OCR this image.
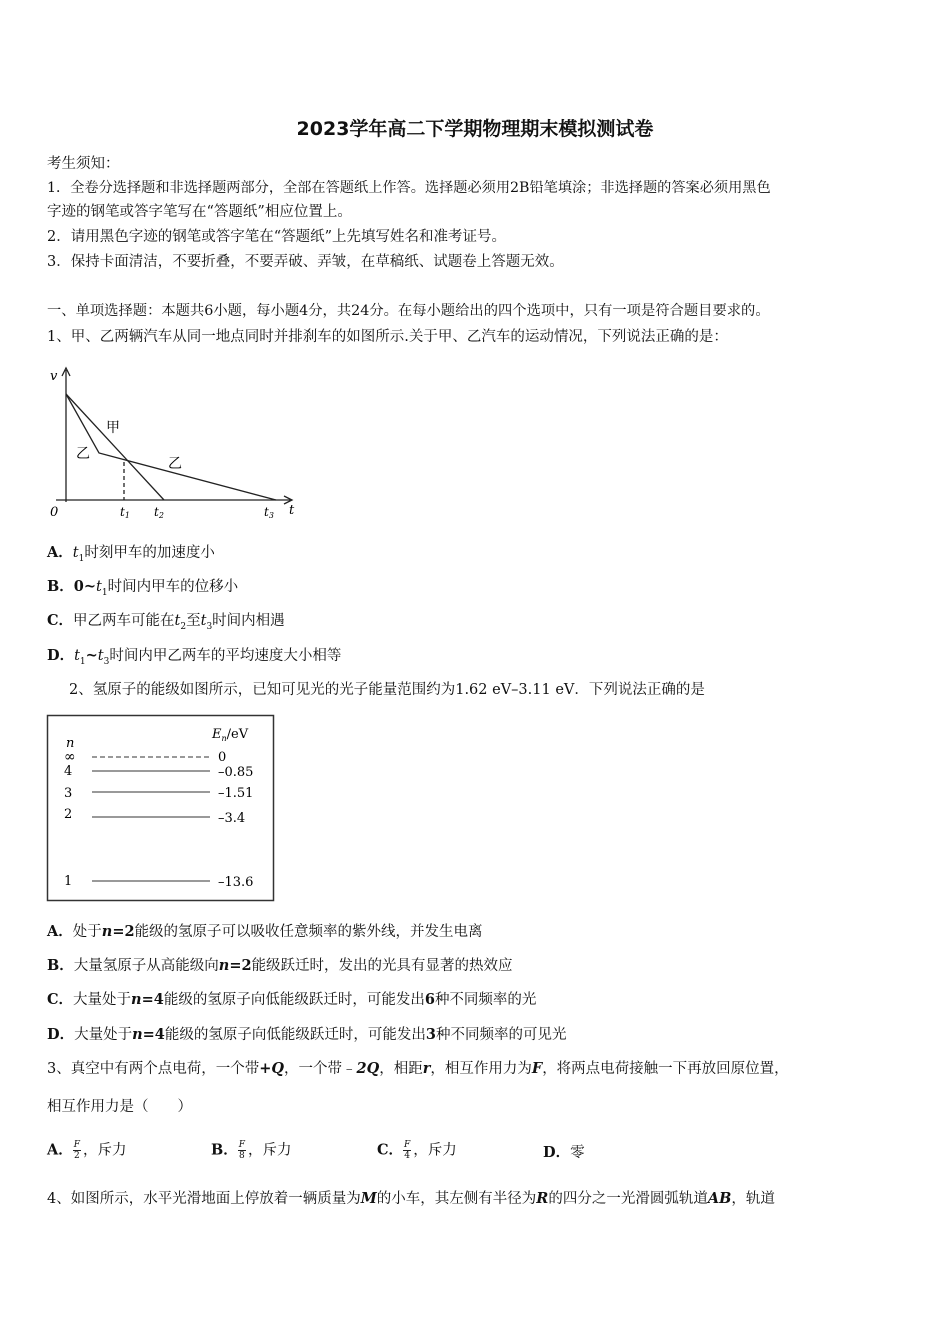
2023学年高二下学期物理期末模拟测试卷
考生须知：
1．全卷分选择题和非选择题两部分，全部在答题纸上作答。选择题必须用2B铅笔填涂；非选择题的答案必须用黑色
字迹的钢笔或答字笔写在“答题纸”相应位置上。
2．请用黑色字迹的钢笔或答字笔在“答题纸”上先填写姓名和准考证号。
3．保持卡面清洁，不要折叠，不要弄破、弄皱，在草稿纸、试题卷上答题无效。
一、单项选择题：本题共6小题，每小题4分，共24分。在每小题给出的四个选项中，只有一项是符合题目要求的。
1、甲、乙两辆汽车从同一地点同时并排刹车的如图所示.关于甲、乙汽车的运动情况，下列说法正确的是：
v
t
0	t1 t2	t3
甲
乙
乙
A．$t_1$时刻甲车的加速度小
B．$0\sim t_1$时间内甲车的位移小
C．甲乙两车可能在$t_2$至$t_3$时间内相遇
D．$t_1\sim t_3$时间内甲乙两车的平均速度大小相等
2、氢原子的能级如图所示，已知可见光的光子能量范围约为1.62 eV–3.11 eV．下列说法正确的是
n
$E_n/eV$
∞	0
4	–0.85
3	–1.51
2	–3.4
1	–13.6
A．处于n=2能级的氢原子可以吸收任意频率的紫外线，并发生电离
B．大量氢原子从高能级向n=2能级跃迁时，发出的光具有显著的热效应
C．大量处于n=4能级的氢原子向低能级跃迁时，可能发出6种不同频率的光
D．大量处于n=4能级的氢原子向低能级跃迁时，可能发出3种不同频率的可见光
3、真空中有两个点电荷，一个带+Q，一个带﹣2Q，相距r，相互作用力为F，将两点电荷接触一下再放回原位置，
相互作用力是（　　）
A． $\frac{F}{2}$ ，斥力	B． $\frac{F}{8}$ ，斥力	C． $\frac{F}{4}$ ，斥力	D．零
4、如图所示，水平光滑地面上停放着一辆质量为M的小车，其左侧有半径为R的四分之一光滑圆弧轨道AB，轨道
